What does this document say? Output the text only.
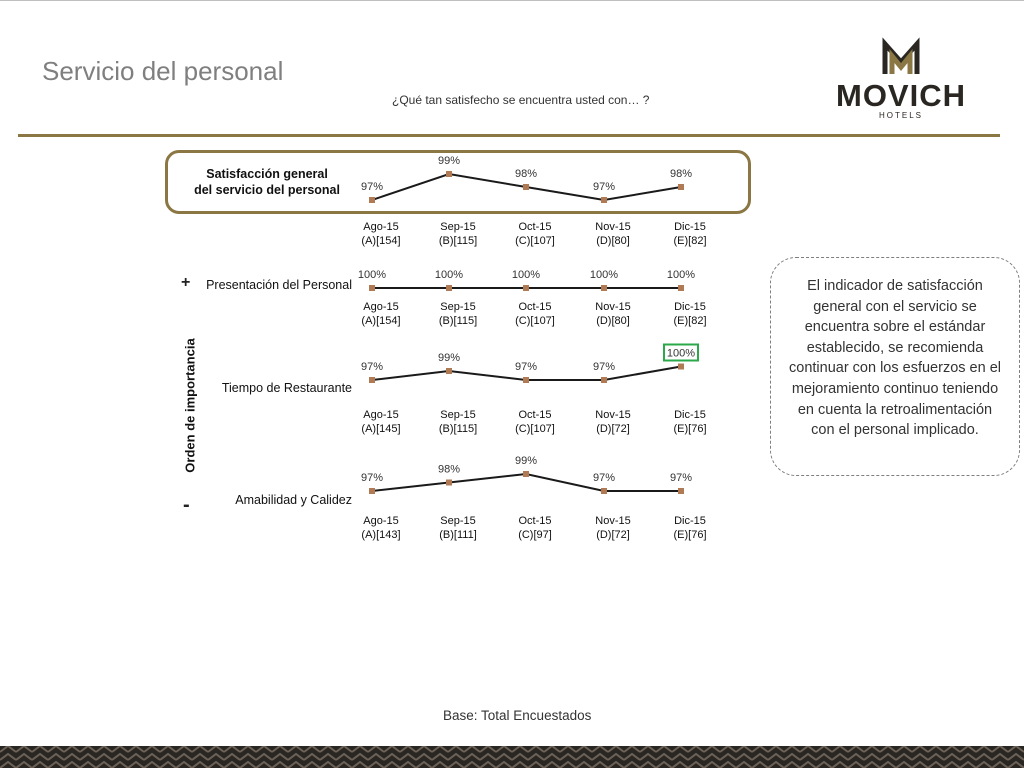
Servicio del personal
¿Qué tan satisfecho se encuentra usted con… ?	MOVICH
HOTELS
+
-
Orden de importancia
Ago-15
(A)[154]
Sep-15
(B)[115]
Oct-15
(C)[107]
Nov-15
(D)[80]
Dic-15
(E)[82]
Satisfacción general
del servicio del personal
Ago-15
(A)[154]
Sep-15
(B)[115]
Oct-15
(C)[107]
Nov-15
(D)[80]
Dic-15
(E)[82]
Presentación del Personal
Ago-15
(A)[145]
Sep-15
(B)[115]
Oct-15
(C)[107]
Nov-15
(D)[72]
Dic-15
(E)[76]
Tiempo de Restaurante
Ago-15
(A)[143]
Sep-15
(B)[111]
Oct-15
(C)[97]
Nov-15
(D)[72]
Dic-15
(E)[76]
Amabilidad y Calidez
97%
99%
98%
97%
98%
100%	100%	100%	100%	100%
97%
99%
97%	97%
100%
97%
98%
99%
97%	97%
El indicador de satisfacción general con el servicio se encuentra sobre el estándar establecido, se recomienda continuar con los esfuerzos en el mejoramiento continuo teniendo en cuenta la retroalimentación con el personal implicado.
Base: Total Encuestados
